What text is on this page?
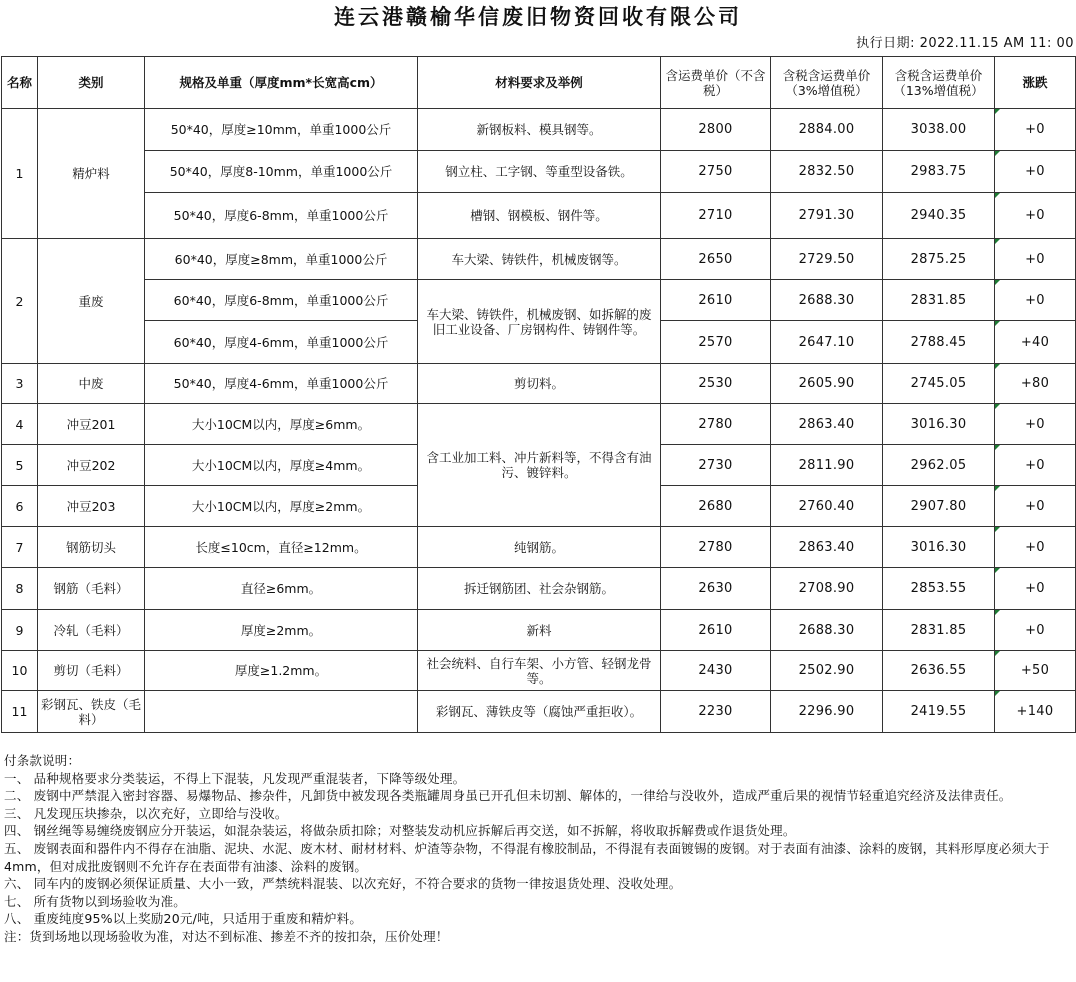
连云港赣榆华信废旧物资回收有限公司
执行日期: 2022.11.15 AM 11: 00
名称	类别	规格及单重（厚度mm*长宽高cm）	材料要求及举例	含运费单价（不含税）	含税含运费单价（3%增值税）	含税含运费单价（13%增值税）	涨跌
1	精炉料	50*40，厚度≥10mm，单重1000公斤	新钢板料、模具钢等。	2800	2884.00	3038.00	+0
		50*40，厚度8-10mm，单重1000公斤	钢立柱、工字钢、等重型设备铁。	2750	2832.50	2983.75	+0
		50*40，厚度6-8mm，单重1000公斤	槽钢、钢模板、钢件等。	2710	2791.30	2940.35	+0
2	重废	60*40，厚度≥8mm，单重1000公斤	车大梁、铸铁件，机械废钢等。	2650	2729.50	2875.25	+0
		60*40，厚度6-8mm，单重1000公斤	车大梁、铸铁件，机械废钢、如拆解的废旧工业设备、厂房钢构件、铸钢件等。	2610	2688.30	2831.85	+0
		60*40，厚度4-6mm，单重1000公斤		2570	2647.10	2788.45	+40
3	中废	50*40，厚度4-6mm，单重1000公斤	剪切料。	2530	2605.90	2745.05	+80
4	冲豆201	大小10CM以内，厚度≥6mm。	含工业加工料、冲片新料等，不得含有油污、镀锌料。	2780	2863.40	3016.30	+0
5	冲豆202	大小10CM以内，厚度≥4mm。		2730	2811.90	2962.05	+0
6	冲豆203	大小10CM以内，厚度≥2mm。		2680	2760.40	2907.80	+0
7	钢筋切头	长度≤10cm，直径≥12mm。	纯钢筋。	2780	2863.40	3016.30	+0
8	钢筋（毛料）	直径≥6mm。	拆迁钢筋团、社会杂钢筋。	2630	2708.90	2853.55	+0
9	冷轧（毛料）	厚度≥2mm。	新料	2610	2688.30	2831.85	+0
10	剪切（毛料）	厚度≥1.2mm。	社会统料、自行车架、小方管、轻钢龙骨等。	2430	2502.90	2636.55	+50
11	彩钢瓦、铁皮（毛料）		彩钢瓦、薄铁皮等（腐蚀严重拒收）。	2230	2296.90	2419.55	+140
付条款说明：
一、 品种规格要求分类装运，不得上下混装，凡发现严重混装者，下降等级处理。
二、 废钢中严禁混入密封容器、易爆物品、掺杂件，凡卸货中被发现各类瓶罐周身虽已开孔但未切割、解体的，一律给与没收外，造成严重后果的视情节轻重追究经济及法律责任。
三、 凡发现压块掺杂，以次充好，立即给与没收。
四、 钢丝绳等易缠绕废钢应分开装运，如混杂装运，将做杂质扣除；对整装发动机应拆解后再交送，如不拆解，将收取拆解费或作退货处理。
五、 废钢表面和器件内不得存在油脂、泥块、水泥、废木材、耐材材料、炉渣等杂物，不得混有橡胶制品，不得混有表面镀锡的废钢。对于表面有油漆、涂料的废钢，其料形厚度必须大于4mm，但对成批废钢则不允许存在表面带有油漆、涂料的废钢。
六、 同车内的废钢必须保证质量、大小一致，严禁统料混装、以次充好，不符合要求的货物一律按退货处理、没收处理。
七、 所有货物以到场验收为准。
八、 重废纯度95%以上奖励20元/吨，只适用于重废和精炉料。
注：货到场地以现场验收为准，对达不到标准、掺差不齐的按扣杂，压价处理！
